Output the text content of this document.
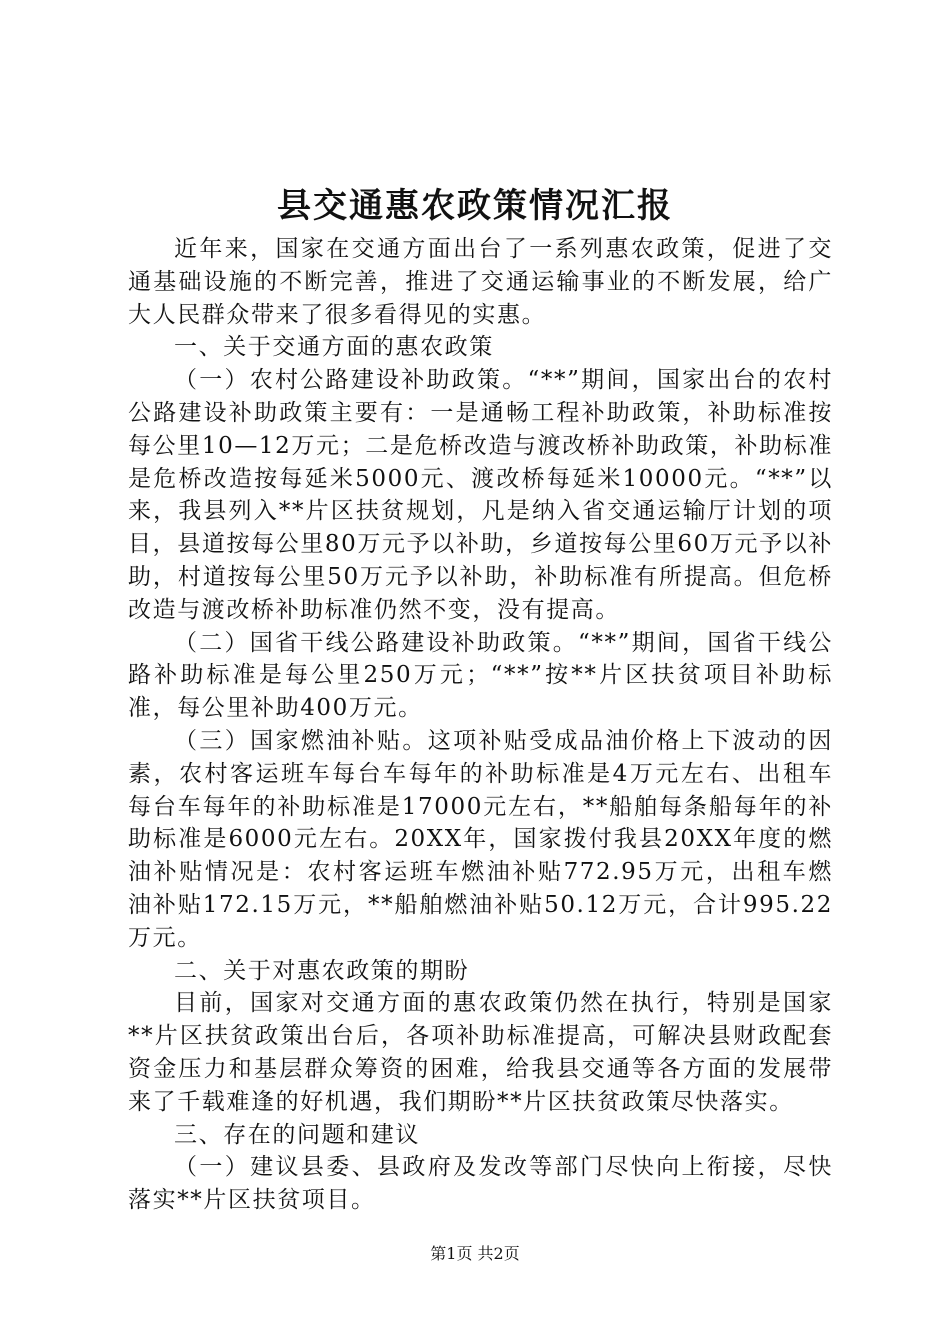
县交通惠农政策情况汇报

近年来，国家在交通方面出台了一系列惠农政策，促进了交通基础设施的不断完善，推进了交通运输事业的不断发展，给广大人民群众带来了很多看得见的实惠。

一、关于交通方面的惠农政策

（一）农村公路建设补助政策。“**”期间，国家出台的农村公路建设补助政策主要有：一是通畅工程补助政策，补助标准按每公里10—12万元；二是危桥改造与渡改桥补助政策，补助标准是危桥改造按每延米5000元、渡改桥每延米10000元。“**”以来，我县列入**片区扶贫规划，凡是纳入省交通运输厅计划的项目，县道按每公里80万元予以补助，乡道按每公里60万元予以补助，村道按每公里50万元予以补助，补助标准有所提高。但危桥改造与渡改桥补助标准仍然不变，没有提高。

（二）国省干线公路建设补助政策。“**”期间，国省干线公路补助标准是每公里250万元；“**”按**片区扶贫项目补助标准，每公里补助400万元。

（三）国家燃油补贴。这项补贴受成品油价格上下波动的因素，农村客运班车每台车每年的补助标准是4万元左右、出租车每台车每年的补助标准是17000元左右，**船舶每条船每年的补助标准是6000元左右。20XX年，国家拨付我县20XX年度的燃油补贴情况是：农村客运班车燃油补贴772.95万元，出租车燃油补贴172.15万元，**船舶燃油补贴50.12万元，合计995.22万元。

二、关于对惠农政策的期盼

目前，国家对交通方面的惠农政策仍然在执行，特别是国家**片区扶贫政策出台后，各项补助标准提高，可解决县财政配套资金压力和基层群众筹资的困难，给我县交通等各方面的发展带来了千载难逢的好机遇，我们期盼**片区扶贫政策尽快落实。

三、存在的问题和建议

（一）建议县委、县政府及发改等部门尽快向上衔接，尽快落实**片区扶贫项目。

第1页 共2页
